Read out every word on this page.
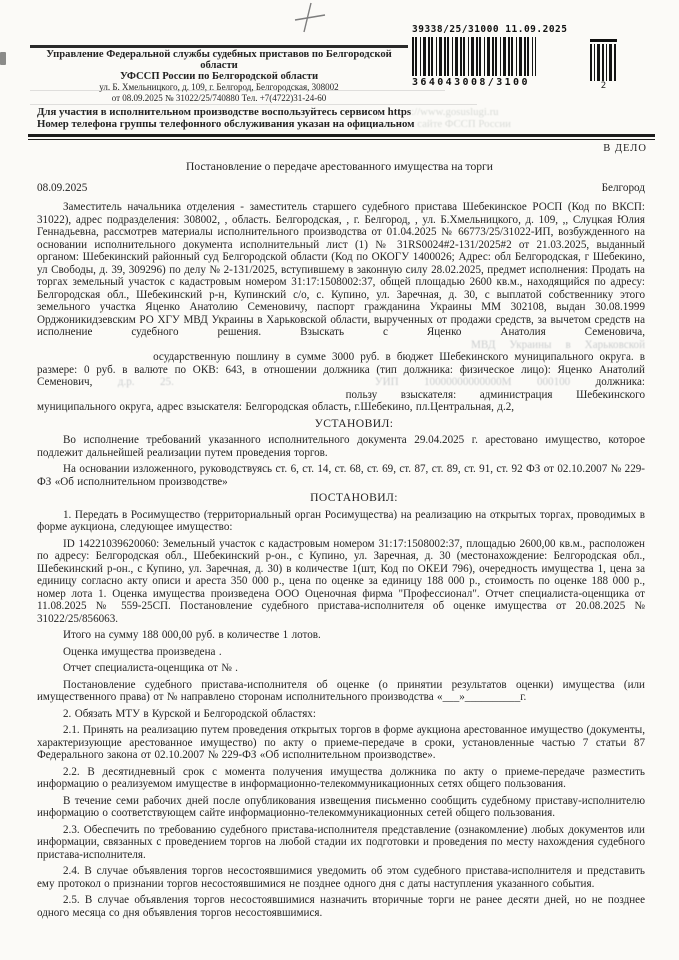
39338/25/31000 11.09.2025
364043008/3100	2
Управление Федеральной службы судебных приставов по Белгородской области
УФССП России по Белгородской области
ул. Б. Хмельницкого, д. 109, г. Белгород, Белгородская, 308002
от 08.09.2025 № 31022/25/740880 Тел. +7(4722)31-24-60
Для участия в исполнительном производстве воспользуйтесь сервисом https://www.gosuslugi.ru
Номер телефона группы телефонного обслуживания указан на официальном сайте ФССП России
В ДЕЛО
Постановление о передаче арестованного имущества на торги
08.09.2025	Белгород

Заместитель начальника отделения - заместитель старшего судебного пристава Шебекинское РОСП (Код по ВКСП: 31022), адрес подразделения: 308002, , область. Белгородская, , г. Белгород, , ул. Б.Хмельницкого, д. 109, ,, Слуцкая Юлия Геннадьевна, рассмотрев материалы исполнительного производства от 01.04.2025 № 66773/25/31022-ИП, возбужденного на основании исполнительного документа исполнительный лист (1) № 31RS0024#2-131/2025#2 от 21.03.2025, выданный органом: Шебекинский районный суд Белгородской области (Код по ОКОГУ 1400026; Адрес: обл Белгородская, г Шебекино, ул Свободы, д. 39, 309296) по делу № 2-131/2025, вступившему в законную силу 28.02.2025, предмет исполнения: Продать на торгах земельный участок с кадастровым номером 31:17:1508002:37, общей площадью 2600 кв.м., находящийся по адресу: Белгородская обл., Шебекинский р-н, Купинский с/о, с. Купино, ул. Заречная, д. 30, с выплатой собственнику этого земельного участка Яценко Анатолию Семеновичу, паспорт гражданина Украины ММ 302108, выдан 30.08.1999 Орджоникидзевским РО ХГУ МВД Украины в Харьковской области, вырученных от продажи средств, за вычетом средств на исполнение судебного решения. Взыскать с Яценко Анатолия Семеновича,  МВД Украины в Харьковской  осударственную пошлину в сумме 3000 руб. в бюджет Шебекинского муниципального округа. в размере: 0 руб. в валюте по ОКВ: 643, в отношении должника (тип должника: физическое лицо): Яценко Анатолий Семенович, д.р. 25.	УИП 10000000000000М 000100 должника:  пользу взыскателя: администрация Шебекинского муниципального округа, адрес взыскателя: Белгородская область, г.Шебекино, пл.Центральная, д.2,

УСТАНОВИЛ:

Во исполнение требований указанного исполнительного документа 29.04.2025 г. арестовано имущество, которое подлежит дальнейшей реализации путем проведения торгов.

На основании изложенного, руководствуясь ст. 6, ст. 14, ст. 68, ст. 69, ст. 87, ст. 89, ст. 91, ст. 92 ФЗ от 02.10.2007 № 229-ФЗ «Об исполнительном производстве»

ПОСТАНОВИЛ:

1. Передать в Росимущество (территориальный орган Росимущества) на реализацию на открытых торгах, проводимых в форме аукциона, следующее имущество:

ID 14221039620060: Земельный участок с кадастровым номером 31:17:1508002:37, площадью 2600,00 кв.м., расположен по адресу: Белгородская обл., Шебекинский р-он., с Купино, ул. Заречная, д. 30 (местонахождение: Белгородская обл., Шебекинский р-он., с Купино, ул. Заречная, д. 30) в количестве 1(шт, Код по ОКЕИ 796), очередность имущества 1, цена за единицу согласно акту описи и ареста 350 000 р., цена по оценке за единицу 188 000 р., стоимость по оценке 188 000 р., номер лота 1. Оценка имущества произведена ООО Оценочная фирма "Профессионал". Отчет специалиста-оценщика от 11.08.2025 № 559-25СП. Постановление судебного пристава-исполнителя об оценке имущества от 20.08.2025 № 31022/25/856063.

Итого на сумму 188 000,00 руб. в количестве 1 лотов.

Оценка имущества произведена .

Отчет специалиста-оценщика от № .

Постановление судебного пристава-исполнителя об оценке (о принятии результатов оценки) имущества (или имущественного права) от № направлено сторонам исполнительного производства «___»__________г.

2. Обязать МТУ в Курской и Белгородской областях:

2.1. Принять на реализацию путем проведения открытых торгов в форме аукциона арестованное имущество (документы, характеризующие арестованное имущество) по акту о приеме-передаче в сроки, установленные частью 7 статьи 87 Федерального закона от 02.10.2007 № 229-ФЗ «Об исполнительном производстве».

2.2. В десятидневный срок с момента получения имущества должника по акту о приеме-передаче разместить информацию о реализуемом имуществе в информационно-телекоммуникационных сетях общего пользования.

В течение семи рабочих дней после опубликования извещения письменно сообщить судебному приставу-исполнителю информацию о соответствующем сайте информационно-телекоммуникационных сетей общего пользования.

2.3. Обеспечить по требованию судебного пристава-исполнителя представление (ознакомление) любых документов или информации, связанных с проведением торгов на любой стадии их подготовки и проведения по месту нахождения судебного пристава-исполнителя.

2.4. В случае объявления торгов несостоявшимися уведомить об этом судебного пристава-исполнителя и представить ему протокол о признании торгов несостоявшимися не позднее одного дня с даты наступления указанного события.

2.5. В случае объявления торгов несостоявшимися назначить вторичные торги не ранее десяти дней, но не позднее одного месяца со дня объявления торгов несостоявшимися.
